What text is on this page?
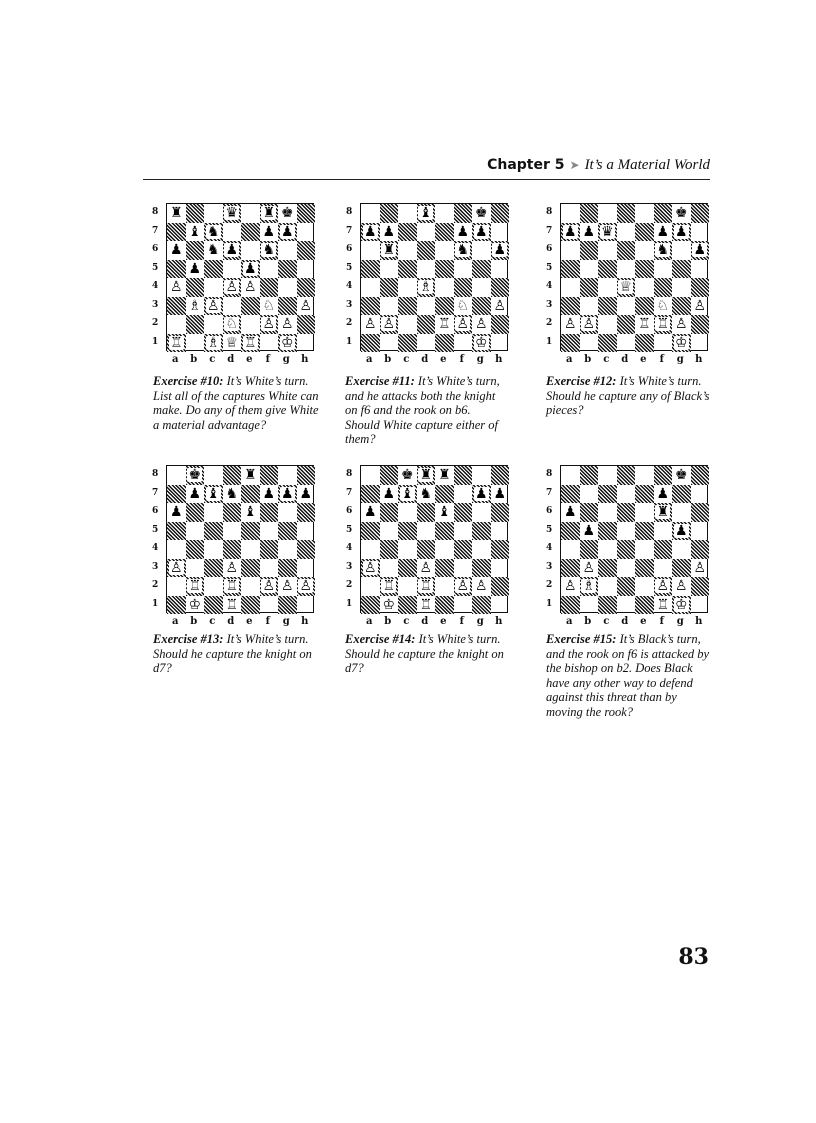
Chapter 5 ➤ It’s a Material World
8
7
6
5
4
3
2
1
♜	♛ ♜ ♚
♝ ♞	♟ ♟
♟ ♞ ♟ ♞
♟	♟
♙	♙ ♙
♗ ♙	♘ ♙
♘ ♙ ♙
♖ ♗ ♕ ♖ ♔
a	b	c	d	e	f	g	h
8
7
6
5
4
3
2
1
♝	♚
♟ ♟	♟ ♟
♜	♞ ♟
♗
♘ ♙
♙ ♙	♖ ♙ ♙
♔
a	b	c	d	e	f	g	h
8
7
6
5
4
3
2
1
♚
♟ ♟ ♛	♟ ♟
♞ ♟
♕
♘ ♙
♙ ♙	♖ ♖ ♙
♔
a	b	c	d	e	f	g	h
8
7
6
5
4
3
2
1
♚	♜
♟ ♝ ♞ ♟ ♟ ♟
♟	♝
♙	♙
♖ ♖ ♙ ♙ ♙
♔ ♖
a	b	c	d	e	f	g	h
8
7
6
5
4
3
2
1
♚ ♜ ♜
♟ ♝ ♞	♟ ♟
♟	♝
♙	♙
♖ ♖ ♙ ♙
♔ ♖
a	b	c	d	e	f	g	h
8
7
6
5
4
3
2
1
♚
♟
♟	♜
♟	♟
♙	♙
♙ ♗	♙ ♙
♖ ♔
a	b	c	d	e	f	g	h
Exercise #10: It’s White’s turn. List all of the captures White can make. Do any of them give White a material advantage?
Exercise #11: It’s White’s turn, and he attacks both the knight on f6 and the rook on b6. Should White capture either of them?
Exercise #12: It’s White’s turn. Should he capture any of Black’s pieces?
Exercise #13: It’s White’s turn. Should he capture the knight on d7?
Exercise #14: It’s White’s turn. Should he capture the knight on d7?
Exercise #15: It’s Black’s turn, and the rook on f6 is attacked by the bishop on b2. Does Black have any other way to defend against this threat than by moving the rook?
83
